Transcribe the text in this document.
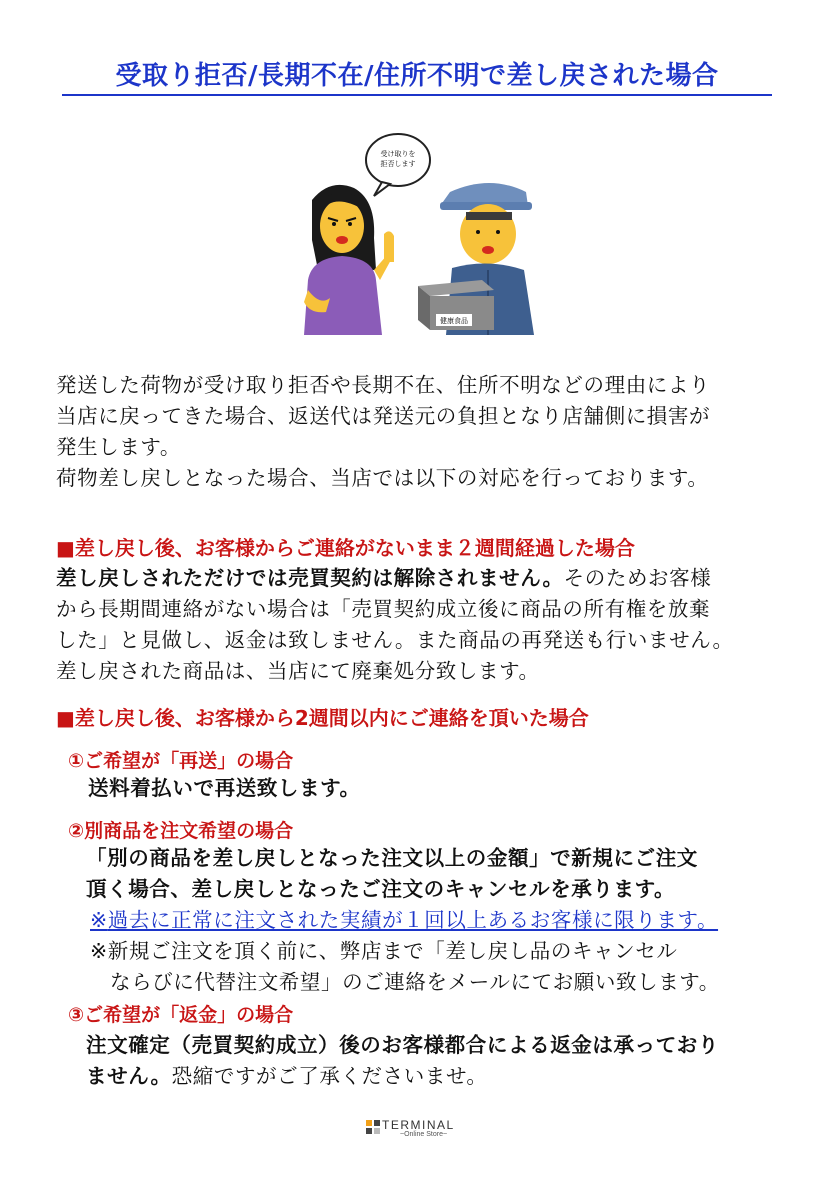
受取り拒否/長期不在/住所不明で差し戻された場合
受け取りを
拒否します
健康食品

発送した荷物が受け取り拒否や長期不在、住所不明などの理由により

当店に戻ってきた場合、返送代は発送元の負担となり店舗側に損害が

発生します。

荷物差し戻しとなった場合、当店では以下の対応を行っております。

■差し戻し後、お客様からご連絡がないまま２週間経過した場合

差し戻しされただけでは売買契約は解除されません。そのためお客様

から長期間連絡がない場合は「売買契約成立後に商品の所有権を放棄

した」と見做し、返金は致しません。また商品の再発送も行いません。

差し戻された商品は、当店にて廃棄処分致します。

■差し戻し後、お客様から2週間以内にご連絡を頂いた場合
①ご希望が「再送」の場合
送料着払いで再送致します。
②別商品を注文希望の場合

「別の商品を差し戻しとなった注文以上の金額」で新規にご注文

頂く場合、差し戻しとなったご注文のキャンセルを承ります。

※過去に正常に注文された実績が１回以上あるお客様に限ります。

※新規ご注文を頂く前に、弊店まで「差し戻し品のキャンセル

ならびに代替注文希望」のご連絡をメールにてお願い致します。

③ご希望が「返金」の場合

注文確定（売買契約成立）後のお客様都合による返金は承っており

ません。恐縮ですがご了承くださいませ。

TERMINAL
~Online Store~
